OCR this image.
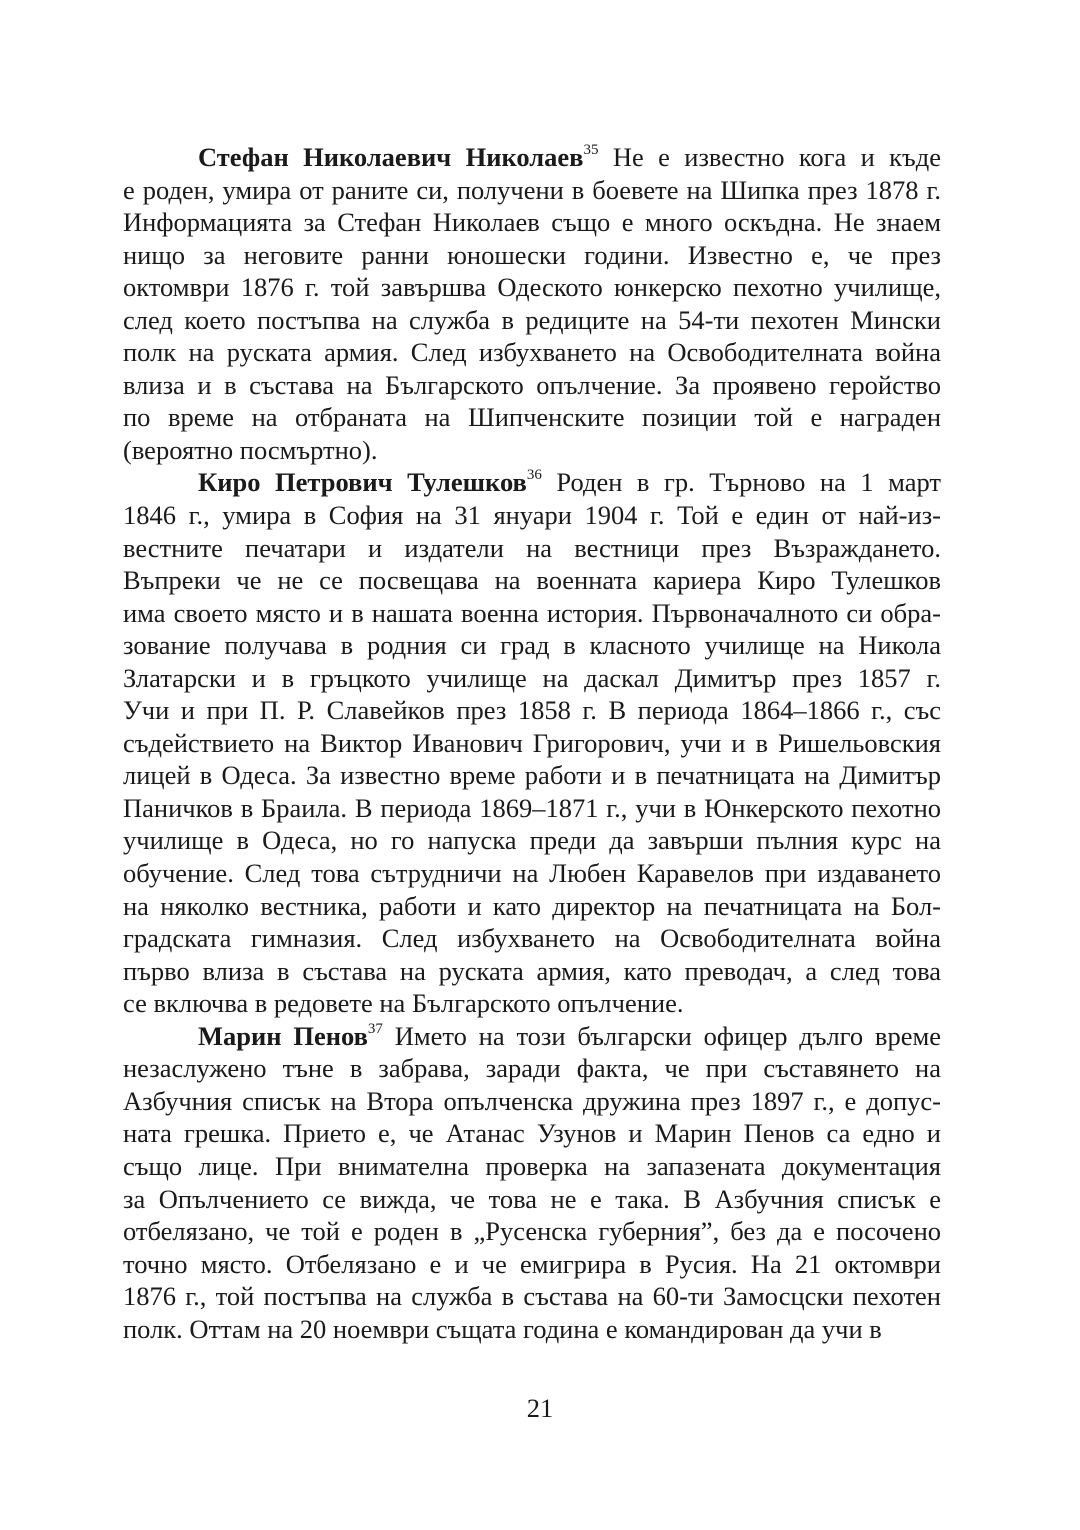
Стефан Николаевич Николаев$^{35}$ Не е известно кога и къде
е роден, умира от раните си, получени в боевете на Шипка през 1878 г.
Информацията за Стефан Николаев също е много оскъдна. Не знаем
нищо за неговите ранни юношески години. Известно е, че през
октомври 1876 г. той завършва Одеското юнкерско пехотно училище,
след което постъпва на служба в редиците на 54-ти пехотен Мински
полк на руската армия. След избухването на Освободителната война
влиза и в състава на Българското опълчение. За проявено геройство
по време на отбраната на Шипченските позиции той е награден
(вероятно посмъртно).
Киро Петрович Тулешков$^{36}$ Роден в гр. Търново на 1 март
1846 г., умира в София на 31 януари 1904 г. Той е един от най-из-
вестните печатари и издатели на вестници през Възраждането.
Въпреки че не се посвещава на военната кариера Киро Тулешков
има своето място и в нашата военна история. Първоначалното си обра-
зование получава в родния си град в класното училище на Никола
Златарски и в гръцкото училище на даскал Димитър през 1857 г.
Учи и при П. Р. Славейков през 1858 г. В периода 1864–1866 г., със
съдействието на Виктор Иванович Григорович, учи и в Ришельовския
лицей в Одеса. За известно време работи и в печатницата на Димитър
Паничков в Браила. В периода 1869–1871 г., учи в Юнкерското пехотно
училище в Одеса, но го напуска преди да завърши пълния курс на
обучение. След това сътрудничи на Любен Каравелов при издаването
на няколко вестника, работи и като директор на печатницата на Бол-
градската гимназия. След избухването на Освободителната война
първо влиза в състава на руската армия, като преводач, а след това
се включва в редовете на Българското опълчение.
Марин Пенов$^{37}$ Името на този български офицер дълго време
незаслужено тъне в забрава, заради факта, че при съставянето на
Азбучния списък на Втора опълченска дружина през 1897 г., е допус-
ната грешка. Прието е, че Атанас Узунов и Марин Пенов са едно и
също лице. При внимателна проверка на запазената документация
за Опълчението се вижда, че това не е така. В Азбучния списък е
отбелязано, че той е роден в „Русенска губерния”, без да е посочено
точно място. Отбелязано е и че емигрира в Русия. На 21 октомври
1876 г., той постъпва на служба в състава на 60-ти Замосцски пехотен
полк. Оттам на 20 ноември същата година е командирован да учи в
21
